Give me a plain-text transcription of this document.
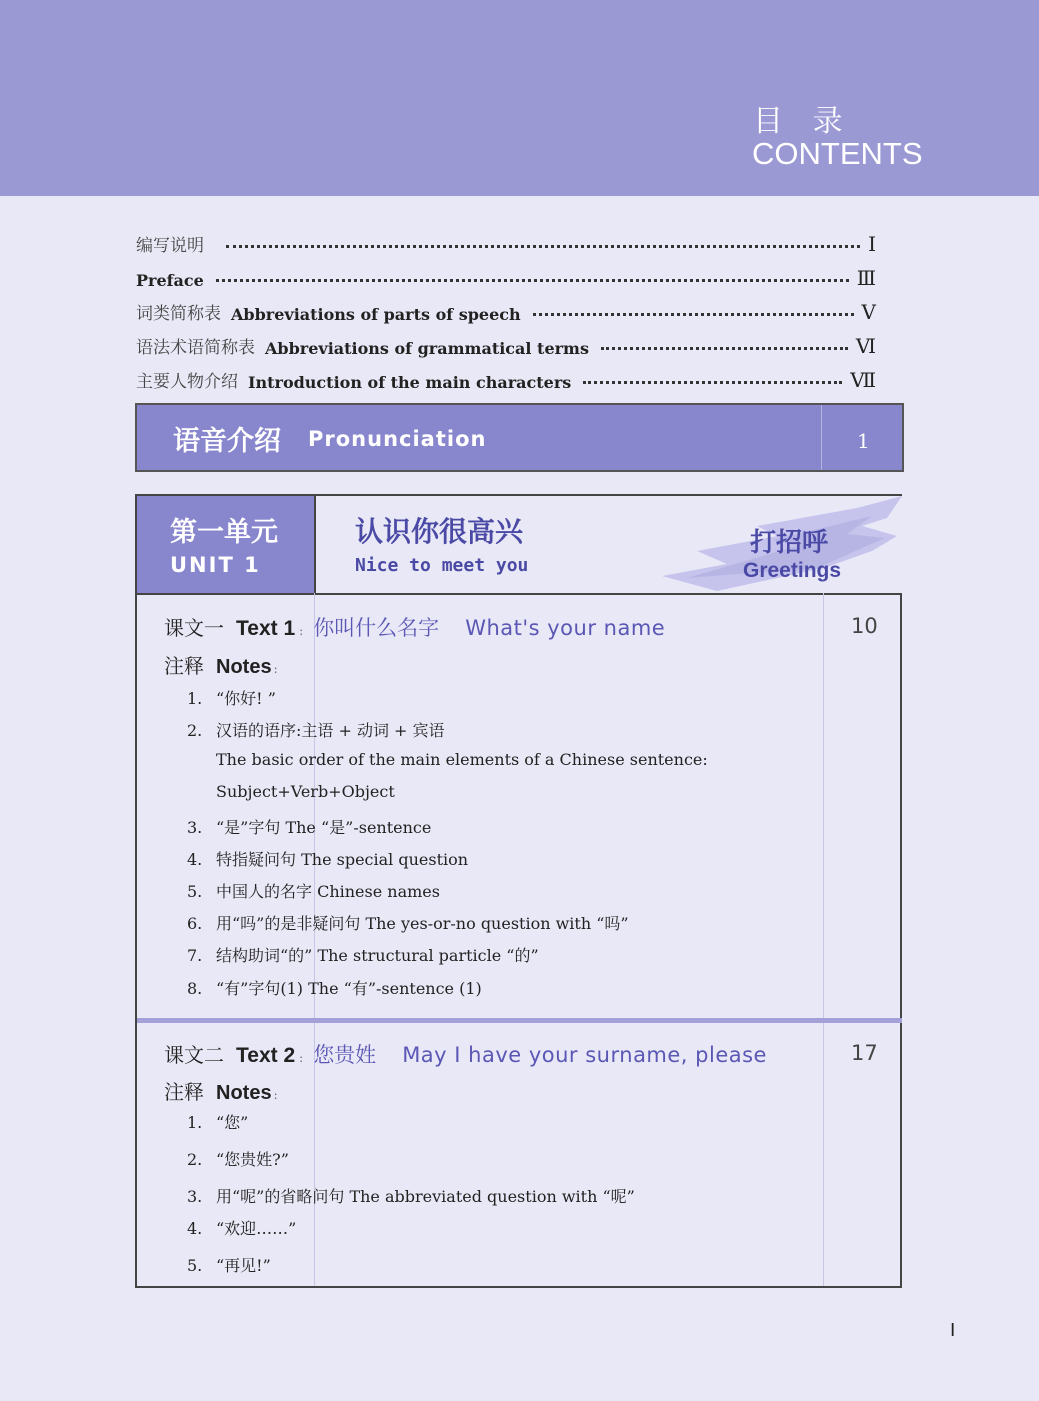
目 录
CONTENTS
编写说明	Ⅰ
Preface	Ⅲ
词类简称表 Abbreviations of parts of speech	Ⅴ
语法术语简称表 Abbreviations of grammatical terms	Ⅵ
主要人物介绍 Introduction of the main characters	Ⅶ
语音介绍 Pronunciation	1
第一单元
UNIT 1
认识你很高兴
Nice to meet you
打招呼
Greetings
课文一 Text 1 : 你叫什么名字 What's your name	10
注释 Notes :
1. “你好! ”
2. 汉语的语序:主语 + 动词 + 宾语
The basic order of the main elements of a Chinese sentence:
Subject+Verb+Object
3. “是”字句 The “是”-sentence
4. 特指疑问句 The special question
5. 中国人的名字 Chinese names
6. 用“吗”的是非疑问句 The yes-or-no question with “吗”
7. 结构助词“的” The structural particle “的”
8. “有”字句(1) The “有”-sentence (1)
课文二 Text 2 : 您贵姓 May I have your surname, please	17
注释 Notes :
1. “您”
2. “您贵姓?”
3. 用“呢”的省略问句 The abbreviated question with “呢”
4. “欢迎……”
5. “再见!”
Ⅰ
